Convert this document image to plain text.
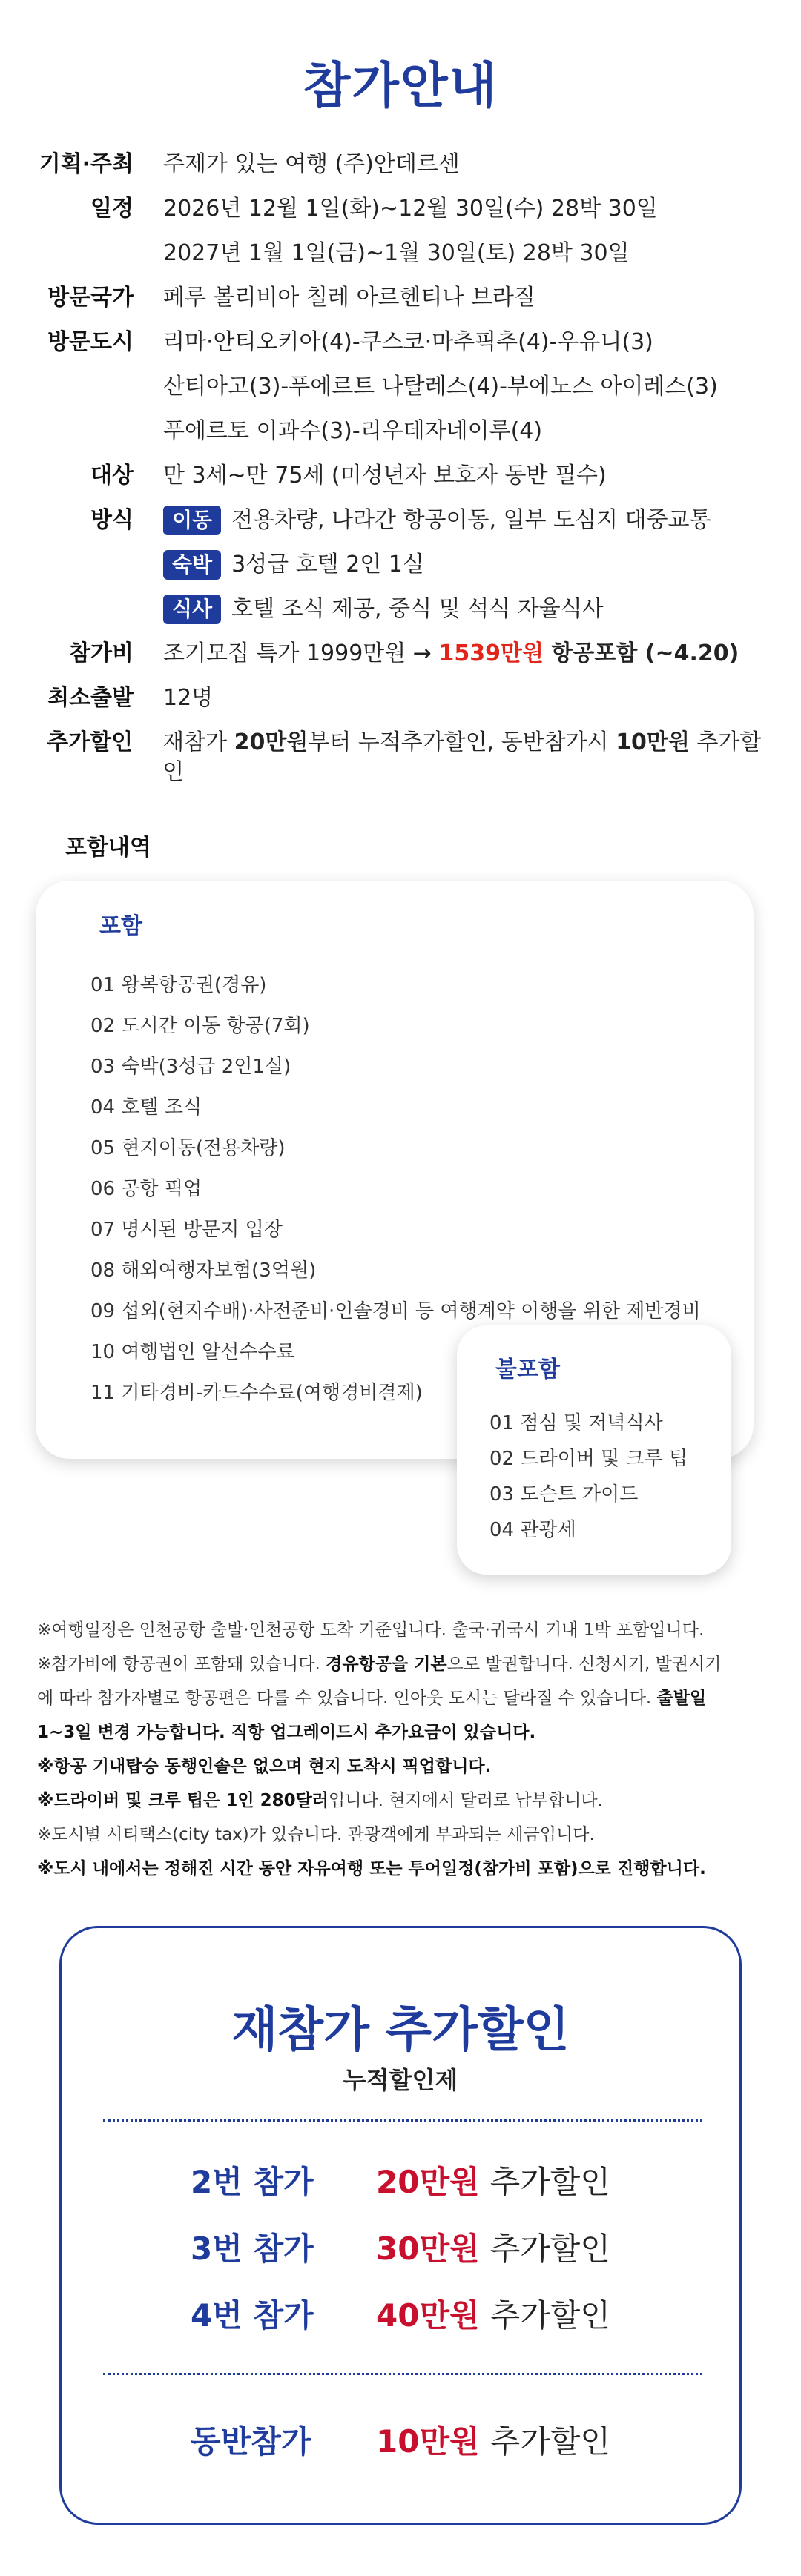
참가안내
기획·주최 주제가 있는 여행 (주)안데르센
일정 2026년 12월 1일(화)~12월 30일(수) 28박 30일
2027년 1월 1일(금)~1월 30일(토) 28박 30일
방문국가 페루 볼리비아 칠레 아르헨티나 브라질
방문도시 리마·안티오키아(4)-쿠스코·마추픽추(4)-우유니(3)
산티아고(3)-푸에르트 나탈레스(4)-부에노스 아이레스(3)
푸에르토 이과수(3)-리우데자네이루(4)
대상 만 3세~만 75세 (미성년자 보호자 동반 필수)
방식	이동 전용차량, 나라간 항공이동, 일부 도심지 대중교통
숙박 3성급 호텔 2인 1실
식사 호텔 조식 제공, 중식 및 석식 자율식사
참가비 조기모집 특가 1999만원 → 1539만원 항공포함 (~4.20)
최소출발 12명
추가할인 재참가 20만원부터 누적추가할인, 동반참가시 10만원 추가할인
포함내역
포함
01 왕복항공권(경유)
02 도시간 이동 항공(7회)
03 숙박(3성급 2인1실)
04 호텔 조식
05 현지이동(전용차량)
06 공항 픽업
07 명시된 방문지 입장
08 해외여행자보험(3억원)
09 섭외(현지수배)·사전준비·인솔경비 등 여행계약 이행을 위한 제반경비
10 여행법인 알선수수료
11 기타경비-카드수수료(여행경비결제)
불포함
01 점심 및 저녁식사
02 드라이버 및 크루 팁
03 도슨트 가이드
04 관광세

※여행일정은 인천공항 출발·인천공항 도착 기준입니다. 출국·귀국시 기내 1박 포함입니다.

※참가비에 항공권이 포함돼 있습니다. 경유항공을 기본으로 발권합니다. 신청시기, 발권시기
에 따라 참가자별로 항공편은 다를 수 있습니다. 인아웃 도시는 달라질 수 있습니다. 출발일
1~3일 변경 가능합니다. 직항 업그레이드시 추가요금이 있습니다.

※항공 기내탑승 동행인솔은 없으며 현지 도착시 픽업합니다.

※드라이버 및 크루 팁은 1인 280달러입니다. 현지에서 달러로 납부합니다.

※도시별 시티택스(city tax)가 있습니다. 관광객에게 부과되는 세금입니다.

※도시 내에서는 정해진 시간 동안 자유여행 또는 투어일정(참가비 포함)으로 진행합니다.

재참가 추가할인
누적할인제
2번 참가	20만원 추가할인
3번 참가	30만원 추가할인
4번 참가	40만원 추가할인
동반참가	10만원 추가할인
